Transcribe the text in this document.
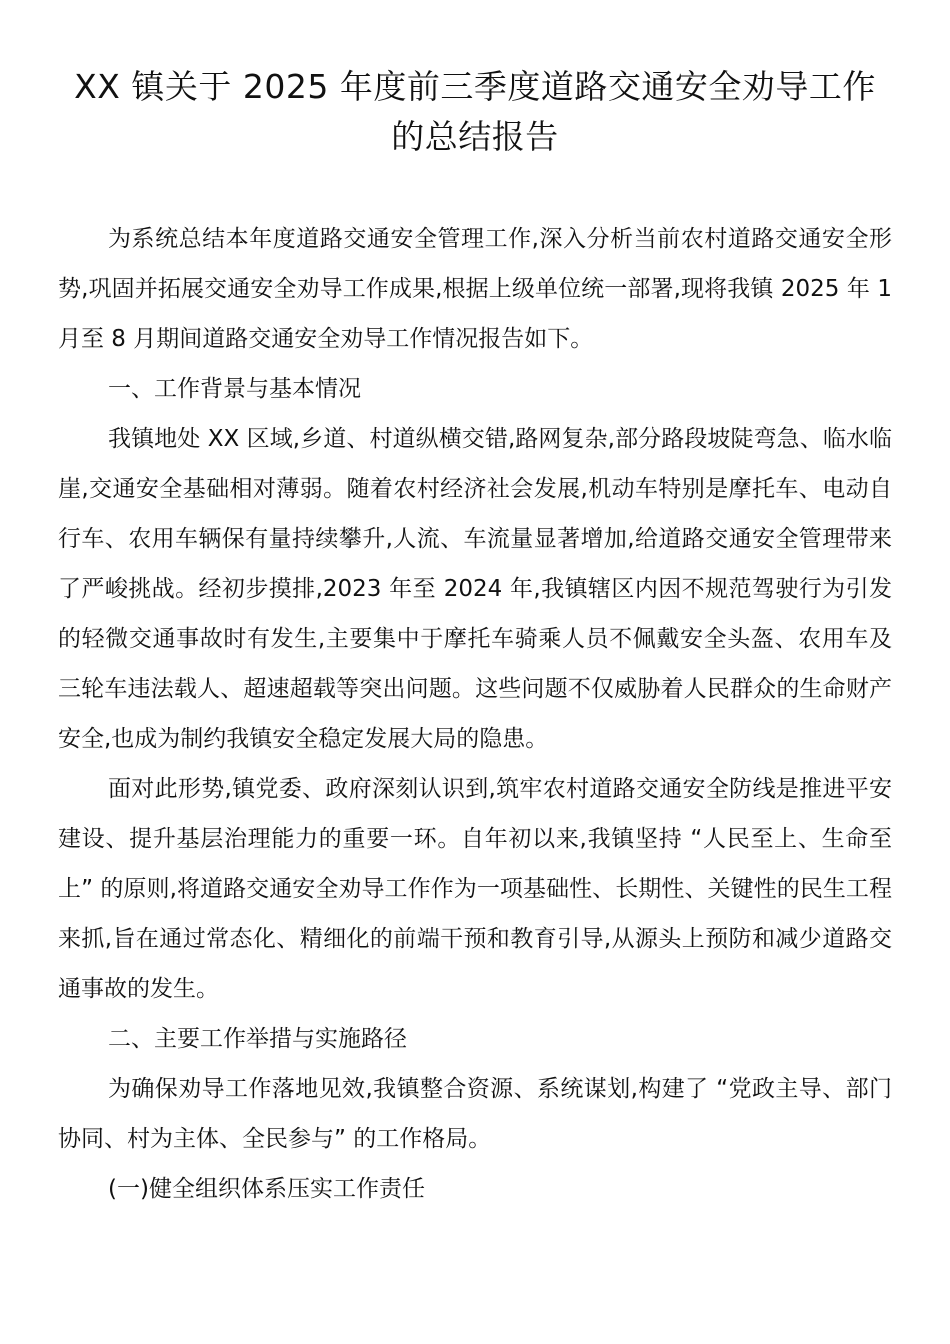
XX 镇关于 2025 年度前三季度道路交通安全劝导工作
的总结报告

为系统总结本年度道路交通安全管理工作,深入分析当前农村道路交通安全形势,巩固并拓展交通安全劝导工作成果,根据上级单位统一部署,现将我镇 2025 年 1 月至 8 月期间道路交通安全劝导工作情况报告如下。

一、工作背景与基本情况

我镇地处 XX 区域,乡道、村道纵横交错,路网复杂,部分路段坡陡弯急、临水临崖,交通安全基础相对薄弱。随着农村经济社会发展,机动车特别是摩托车、电动自行车、农用车辆保有量持续攀升,人流、车流量显著增加,给道路交通安全管理带来了严峻挑战。经初步摸排,2023 年至 2024 年,我镇辖区内因不规范驾驶行为引发的轻微交通事故时有发生,主要集中于摩托车骑乘人员不佩戴安全头盔、农用车及三轮车违法载人、超速超载等突出问题。这些问题不仅威胁着人民群众的生命财产安全,也成为制约我镇安全稳定发展大局的隐患。

面对此形势,镇党委、政府深刻认识到,筑牢农村道路交通安全防线是推进平安建设、提升基层治理能力的重要一环。自年初以来,我镇坚持 “人民至上、生命至上” 的原则,将道路交通安全劝导工作作为一项基础性、长期性、关键性的民生工程来抓,旨在通过常态化、精细化的前端干预和教育引导,从源头上预防和减少道路交通事故的发生。

二、主要工作举措与实施路径

为确保劝导工作落地见效,我镇整合资源、系统谋划,构建了 “党政主导、部门协同、村为主体、全民参与” 的工作格局。

(一)健全组织体系压实工作责任
